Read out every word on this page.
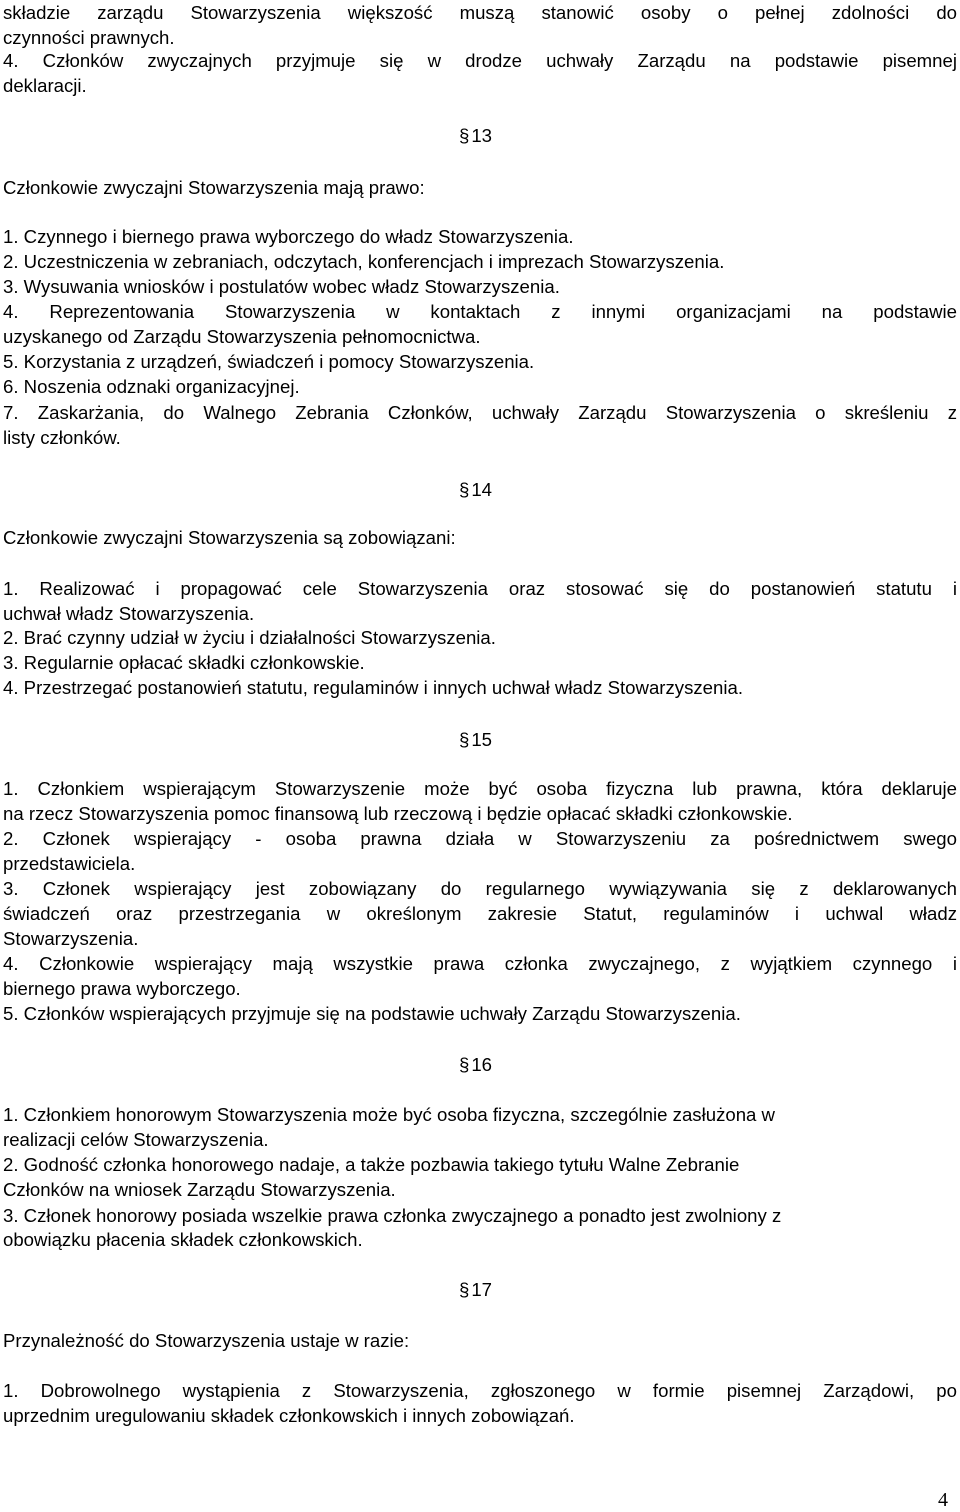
składzie zarządu Stowarzyszenia większość muszą stanowić osoby o pełnej zdolności do
czynności prawnych.
4. Członków zwyczajnych przyjmuje się w drodze uchwały Zarządu na podstawie pisemnej
deklaracji.
§ 13
Członkowie zwyczajni Stowarzyszenia mają prawo:
1. Czynnego i biernego prawa wyborczego do władz Stowarzyszenia.
2. Uczestniczenia w zebraniach, odczytach, konferencjach i imprezach Stowarzyszenia.
3. Wysuwania wniosków i postulatów wobec władz Stowarzyszenia.
4. Reprezentowania Stowarzyszenia w kontaktach z innymi organizacjami na podstawie
uzyskanego od Zarządu Stowarzyszenia pełnomocnictwa.
5. Korzystania z urządzeń, świadczeń i pomocy Stowarzyszenia.
6. Noszenia odznaki organizacyjnej.
7. Zaskarżania, do Walnego Zebrania Członków, uchwały Zarządu Stowarzyszenia o skreśleniu z
listy członków.
§ 14
Członkowie zwyczajni Stowarzyszenia są zobowiązani:
1. Realizować i propagować cele Stowarzyszenia oraz stosować się do postanowień statutu i
uchwał władz Stowarzyszenia.
2. Brać czynny udział w życiu i działalności Stowarzyszenia.
3. Regularnie opłacać składki członkowskie.
4. Przestrzegać postanowień statutu, regulaminów i innych uchwał władz Stowarzyszenia.
§ 15
1. Członkiem wspierającym Stowarzyszenie może być osoba fizyczna lub prawna, która deklaruje
na rzecz Stowarzyszenia pomoc finansową lub rzeczową i będzie opłacać składki członkowskie.
2. Członek wspierający - osoba prawna działa w Stowarzyszeniu za pośrednictwem swego
przedstawiciela.
3. Członek wspierający jest zobowiązany do regularnego wywiązywania się z deklarowanych
świadczeń oraz przestrzegania w określonym zakresie Statut, regulaminów i uchwal władz
Stowarzyszenia.
4. Członkowie wspierający mają wszystkie prawa członka zwyczajnego, z wyjątkiem czynnego i
biernego prawa wyborczego.
5. Członków wspierających przyjmuje się na podstawie uchwały Zarządu Stowarzyszenia.
§ 16
1. Członkiem honorowym Stowarzyszenia może być osoba fizyczna, szczególnie zasłużona w
realizacji celów Stowarzyszenia.
2. Godność członka honorowego nadaje, a także pozbawia takiego tytułu Walne Zebranie
Członków na wniosek Zarządu Stowarzyszenia.
3. Członek honorowy posiada wszelkie prawa członka zwyczajnego a ponadto jest zwolniony z
obowiązku płacenia składek członkowskich.
§ 17
Przynależność do Stowarzyszenia ustaje w razie:
1. Dobrowolnego wystąpienia z Stowarzyszenia, zgłoszonego w formie pisemnej Zarządowi, po
uprzednim uregulowaniu składek członkowskich i innych zobowiązań.
4
